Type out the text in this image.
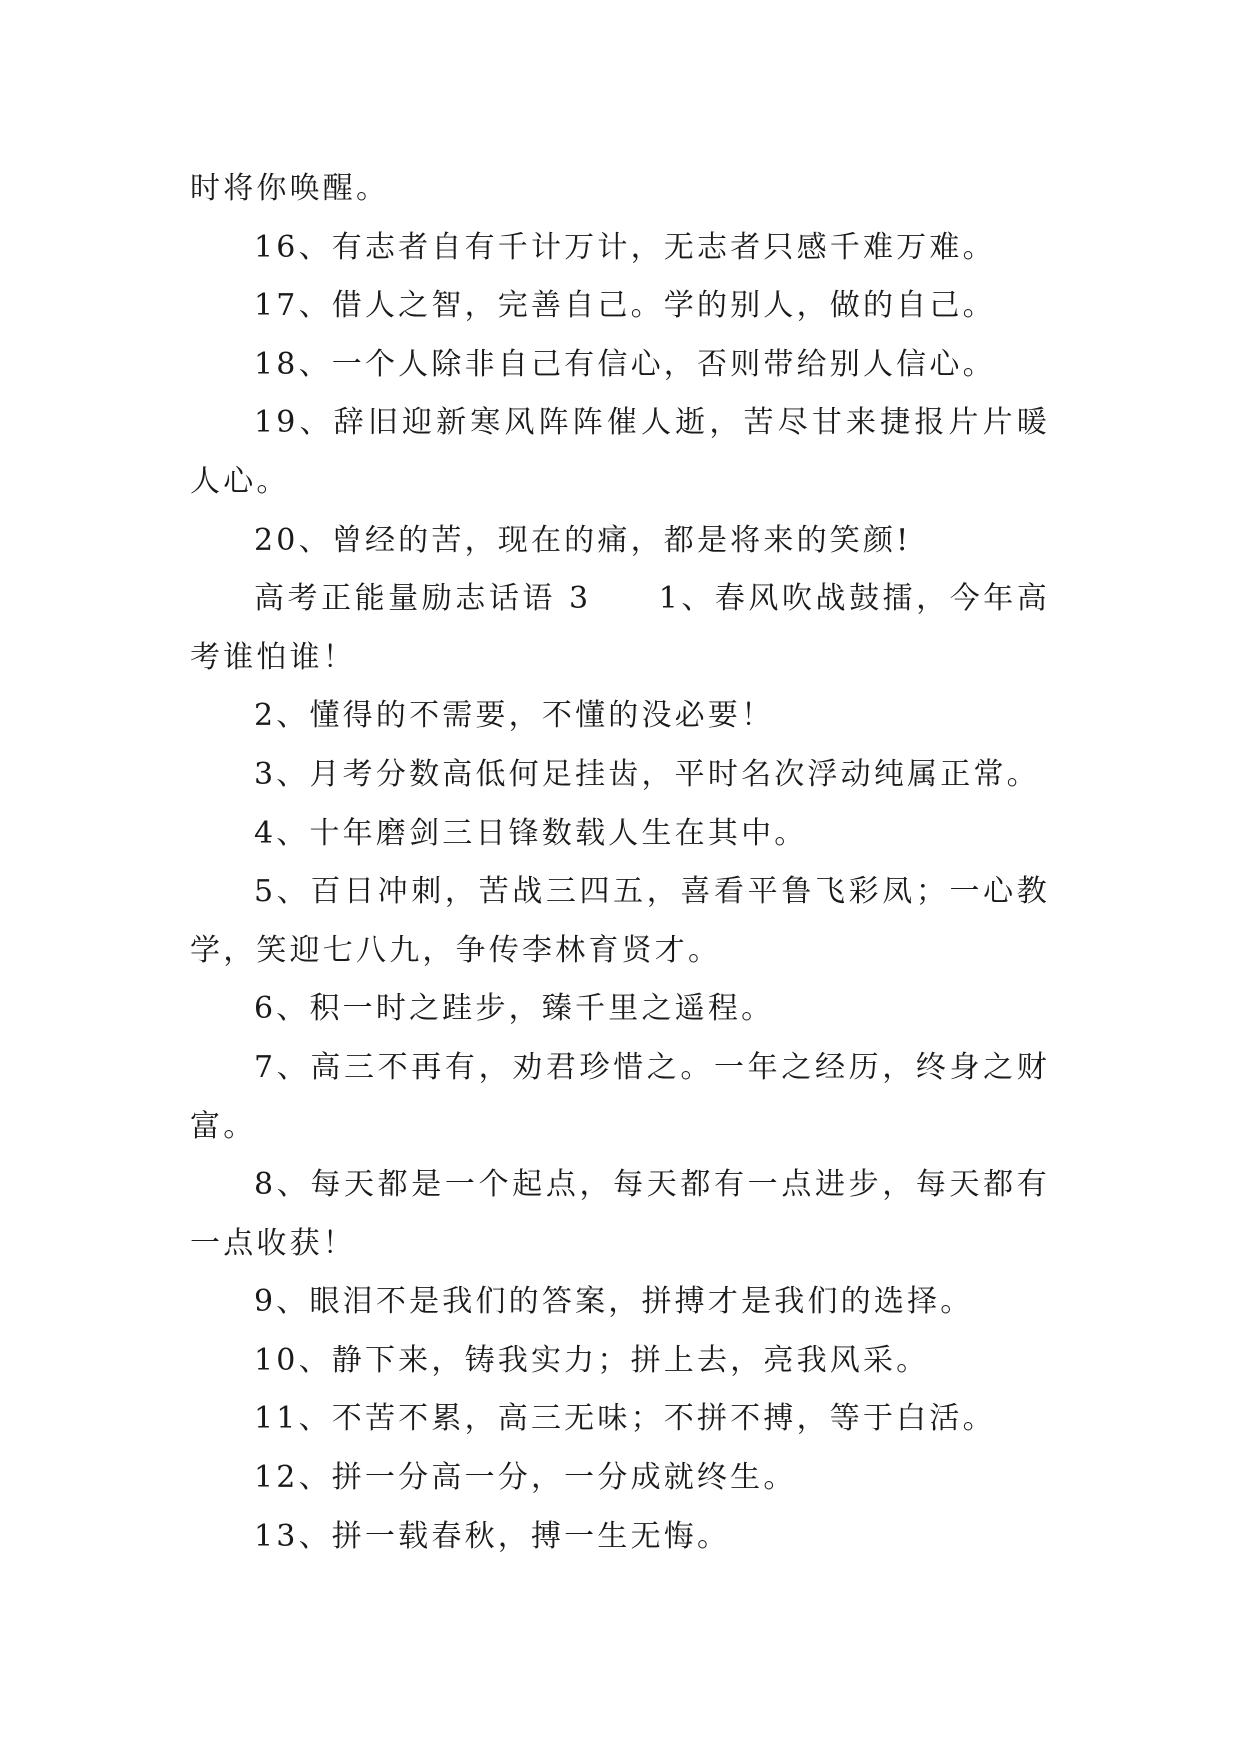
时将你唤醒。

16、有志者自有千计万计，无志者只感千难万难。

17、借人之智，完善自己。学的别人，做的自己。

18、一个人除非自己有信心，否则带给别人信心。

19、辞旧迎新寒风阵阵催人逝，苦尽甘来捷报片片暖人心。

20、曾经的苦，现在的痛，都是将来的笑颜!

高考正能量励志话语 3　　1、春风吹战鼓擂，今年高考谁怕谁！

2、懂得的不需要，不懂的没必要！

3、月考分数高低何足挂齿，平时名次浮动纯属正常。

4、十年磨剑三日锋数载人生在其中。

5、百日冲刺，苦战三四五，喜看平鲁飞彩凤；一心教学，笑迎七八九，争传李林育贤才。

6、积一时之跬步，臻千里之遥程。

7、高三不再有，劝君珍惜之。一年之经历，终身之财富。

8、每天都是一个起点，每天都有一点进步，每天都有一点收获！

9、眼泪不是我们的答案，拼搏才是我们的选择。

10、静下来，铸我实力；拼上去，亮我风采。

11、不苦不累，高三无味；不拼不搏，等于白活。

12、拼一分高一分，一分成就终生。

13、拼一载春秋，搏一生无悔。
